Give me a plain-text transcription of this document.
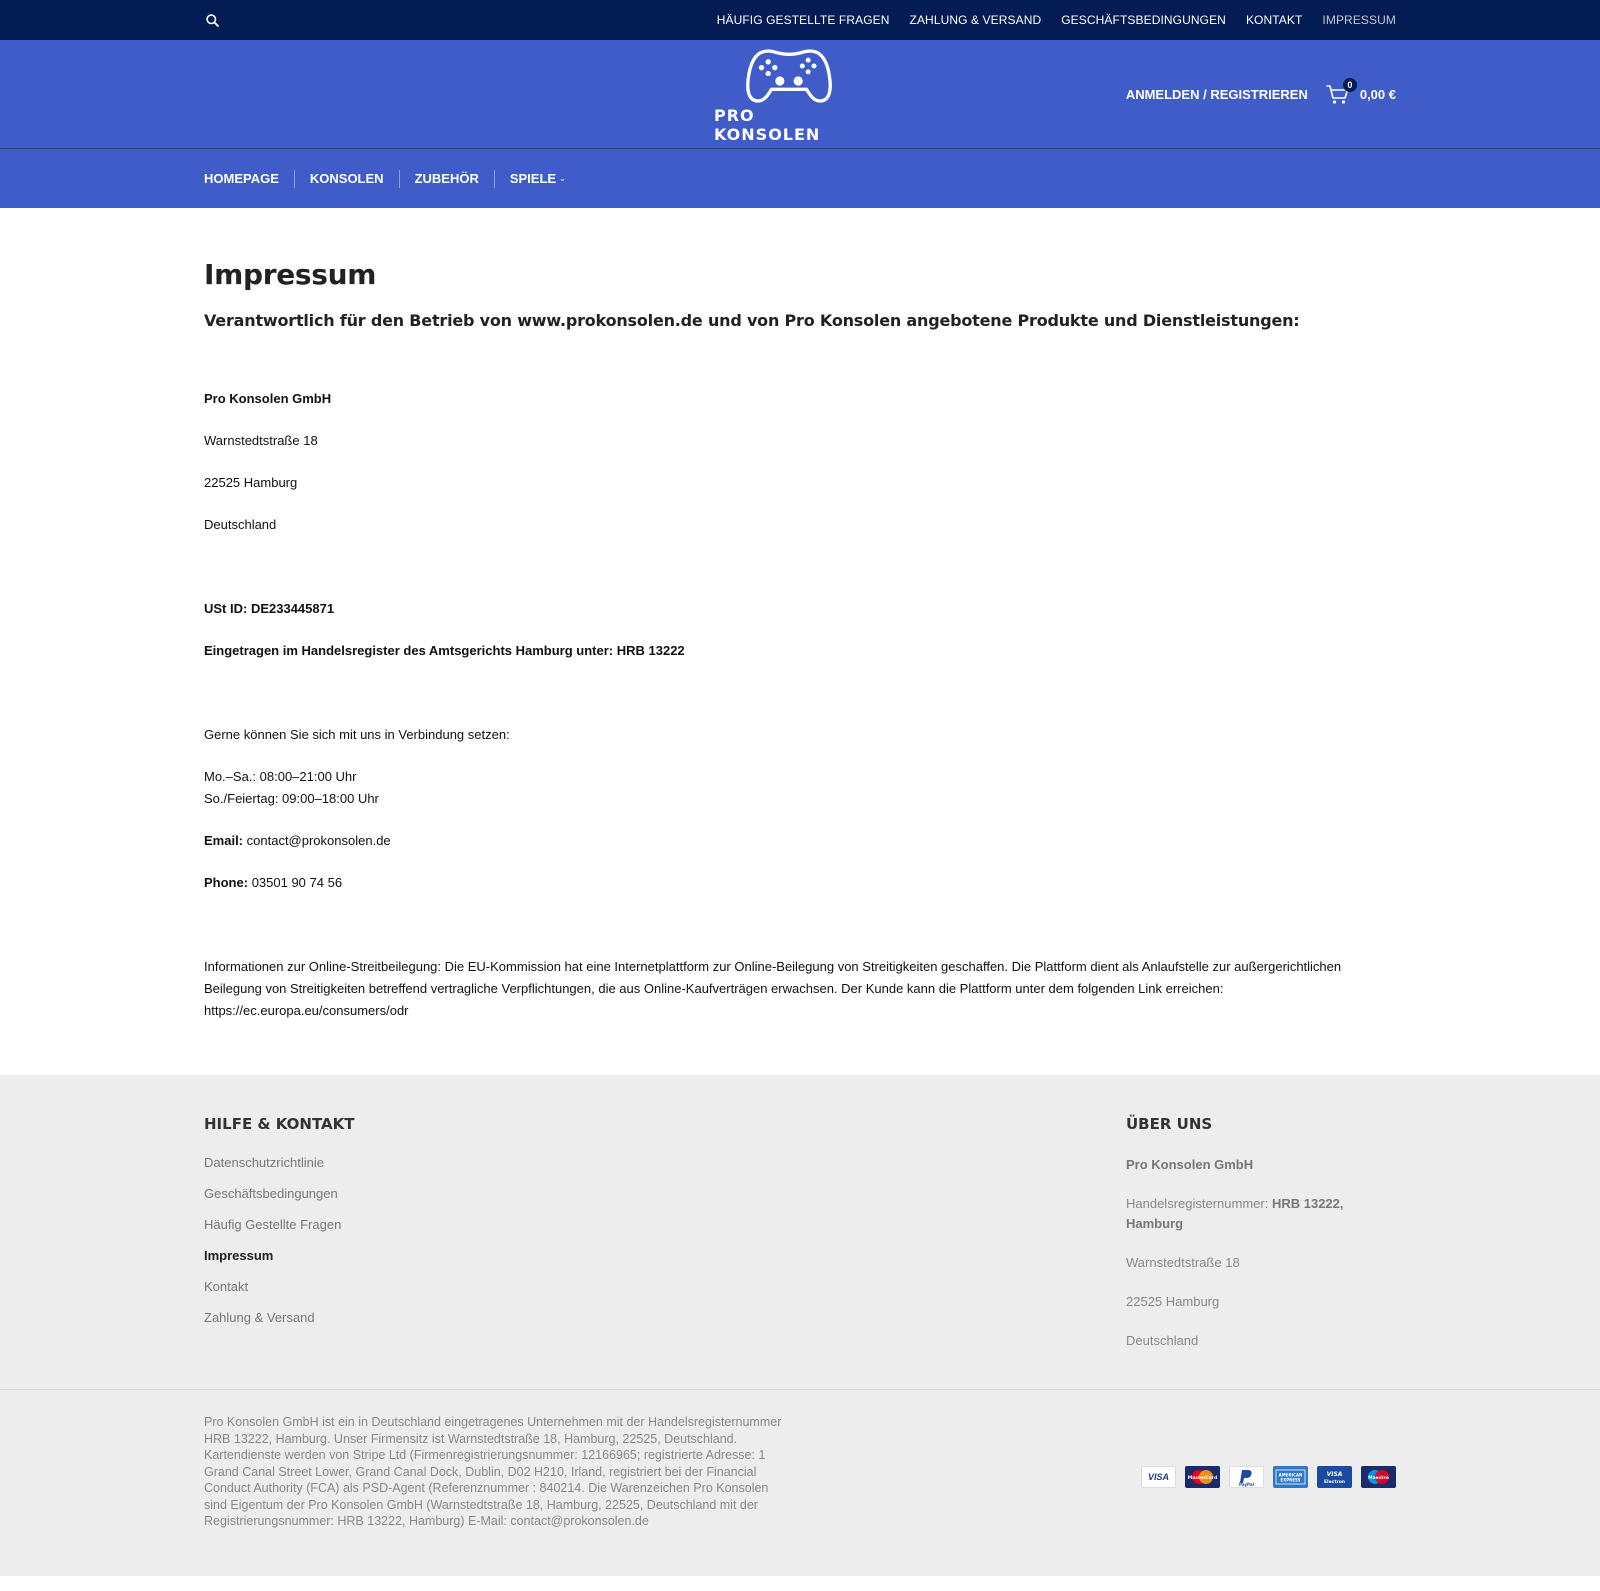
HÄUFIG GESTELLTE FRAGEN	ZAHLUNG & VERSAND	GESCHÄFTSBEDINGUNGEN	KONTAKT	IMPRESSUM
PRO KONSOLEN
ANMELDEN / REGISTRIEREN
0
0,00 €
HOMEPAGE KONSOLEN ZUBEHÖR SPIELE ⌄
Impressum
Verantwortlich für den Betrieb von www.prokonsolen.de und von Pro Konsolen angebotene Produkte und Dienstleistungen:

Pro Konsolen GmbH

Warnstedtstraße 18

22525 Hamburg

Deutschland

USt ID: DE233445871

Eingetragen im Handelsregister des Amtsgerichts Hamburg unter: HRB 13222

Gerne können Sie sich mit uns in Verbindung setzen:

Mo.–Sa.: 08:00–21:00 Uhr
So./Feiertag: 09:00–18:00 Uhr

Email: contact@prokonsolen.de

Phone: 03501 90 74 56

Informationen zur Online-Streitbeilegung: Die EU-Kommission hat eine Internetplattform zur Online-Beilegung von Streitigkeiten geschaffen. Die Plattform dient als Anlaufstelle zur außergerichtlichen Beilegung von Streitigkeiten betreffend vertragliche Verpflichtungen, die aus Online-Kaufverträgen erwachsen. Der Kunde kann die Plattform unter dem folgenden Link erreichen: https://ec.europa.eu/consumers/odr

HILFE & KONTAKT
Datenschutzrichtlinie
Geschäftsbedingungen
Häufig Gestellte Fragen
Impressum
Kontakt
Zahlung & Versand
ÜBER UNS

Pro Konsolen GmbH

Handelsregisternummer: HRB 13222, Hamburg

Warnstedtstraße 18

22525 Hamburg

Deutschland

Pro Konsolen GmbH ist ein in Deutschland eingetragenes Unternehmen mit der Handelsregisternummer HRB 13222, Hamburg. Unser Firmensitz ist Warnstedtstraße 18, Hamburg, 22525, Deutschland. Kartendienste werden von Stripe Ltd (Firmenregistrierungsnummer: 12166965; registrierte Adresse: 1 Grand Canal Street Lower, Grand Canal Dock, Dublin, D02 H210, Irland, registriert bei der Financial Conduct Authority (FCA) als PSD-Agent (Referenznummer : 840214. Die Warenzeichen Pro Konsolen sind Eigentum der Pro Konsolen GmbH (Warnstedtstraße 18, Hamburg, 22525, Deutschland mit der Registrierungsnummer: HRB 13222, Hamburg) E-Mail: contact@prokonsolen.de

VISA	MasterCard
PayPal
AMERICAN
EXPRESS
VISA
Electron
Maestro
